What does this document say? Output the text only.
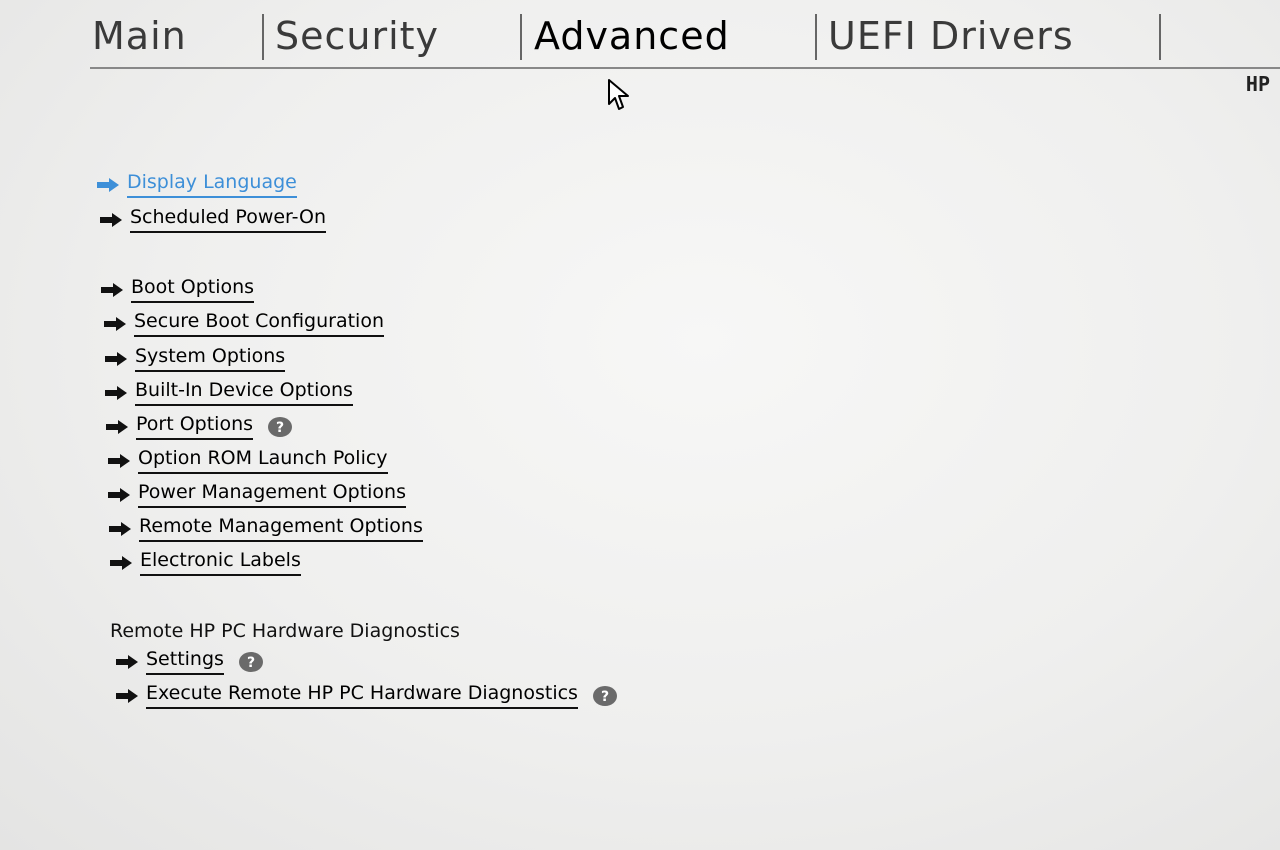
Main Security Advanced	UEFI Drivers
HP
Display Language
Scheduled Power-On
Boot Options
Secure Boot Configuration
System Options
Built-In Device Options
Port Options ?
Option ROM Launch Policy
Power Management Options
Remote Management Options
Electronic Labels
Remote HP PC Hardware Diagnostics
Settings ?
Execute Remote HP PC Hardware Diagnostics ?
